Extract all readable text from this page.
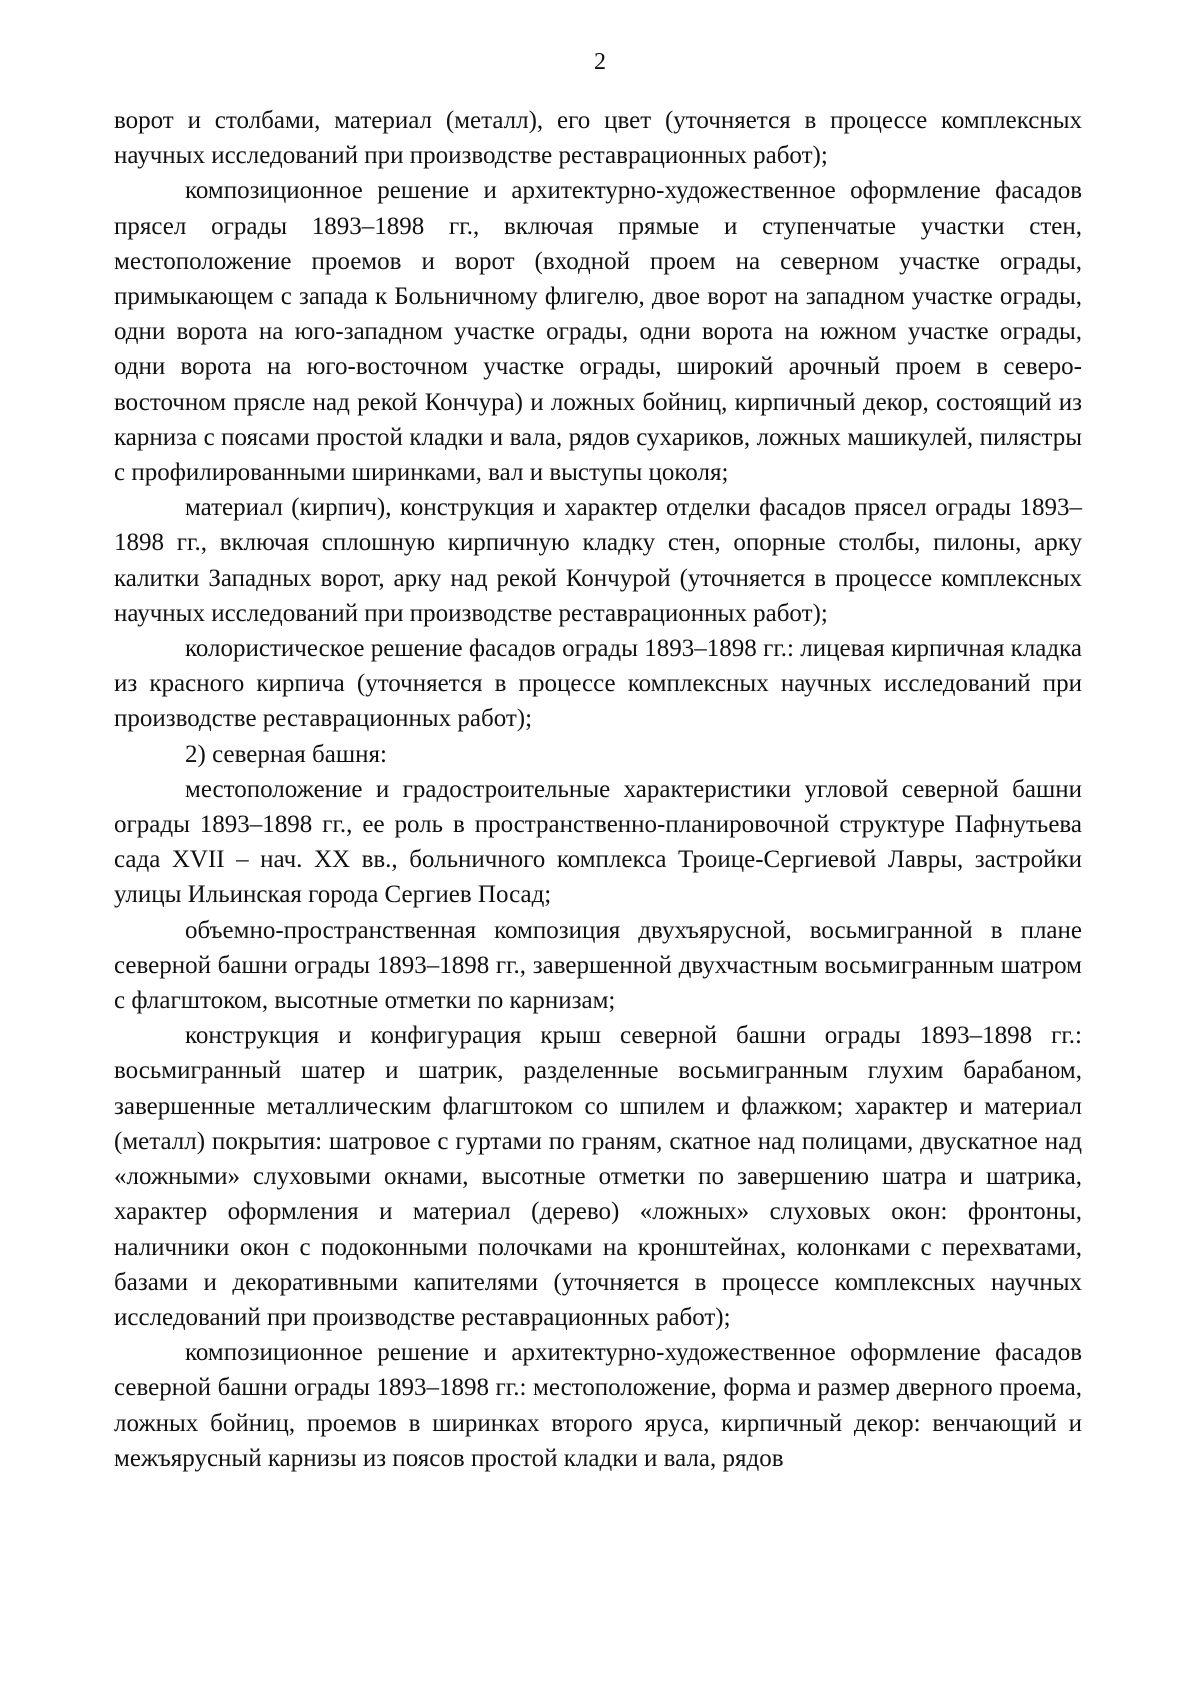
2

ворот и столбами, материал (металл), его цвет (уточняется в процессе комплексных научных исследований при производстве реставрационных работ);

композиционное решение и архитектурно-художественное оформление фасадов прясел ограды 1893–1898 гг., включая прямые и ступенчатые участки стен, местоположение проемов и ворот (входной проем на северном участке ограды, примыкающем с запада к Больничному флигелю, двое ворот на западном участке ограды, одни ворота на юго-западном участке ограды, одни ворота на южном участке ограды, одни ворота на юго-восточном участке ограды, широкий арочный проем в северо-восточном прясле над рекой Кончура) и ложных бойниц, кирпичный декор, состоящий из карниза с поясами простой кладки и вала, рядов сухариков, ложных машикулей, пилястры с профилированными ширинками, вал и выступы цоколя;

материал (кирпич), конструкция и характер отделки фасадов прясел ограды 1893–1898 гг., включая сплошную кирпичную кладку стен, опорные столбы, пилоны, арку калитки Западных ворот, арку над рекой Кончурой (уточняется в процессе комплексных научных исследований при производстве реставрационных работ);

колористическое решение фасадов ограды 1893–1898 гг.: лицевая кирпичная кладка из красного кирпича (уточняется в процессе комплексных научных исследований при производстве реставрационных работ);

2) северная башня:

местоположение и градостроительные характеристики угловой северной башни ограды 1893–1898 гг., ее роль в пространственно-планировочной структуре Пафнутьева сада XVII – нач. XX вв., больничного комплекса Троице-Сергиевой Лавры, застройки улицы Ильинская города Сергиев Посад;

объемно-пространственная композиция двухъярусной, восьмигранной в плане северной башни ограды 1893–1898 гг., завершенной двухчастным восьмигранным шатром с флагштоком, высотные отметки по карнизам;

конструкция и конфигурация крыш северной башни ограды 1893–1898 гг.: восьмигранный шатер и шатрик, разделенные восьмигранным глухим барабаном, завершенные металлическим флагштоком со шпилем и флажком; характер и материал (металл) покрытия: шатровое с гуртами по граням, скатное над полицами, двускатное над «ложными» слуховыми окнами, высотные отметки по завершению шатра и шатрика, характер оформления и материал (дерево) «ложных» слуховых окон: фронтоны, наличники окон с подоконными полочками на кронштейнах, колонками с перехватами, базами и декоративными капителями (уточняется в процессе комплексных научных исследований при производстве реставрационных работ);

композиционное решение и архитектурно-художественное оформление фасадов северной башни ограды 1893–1898 гг.: местоположение, форма и размер дверного проема, ложных бойниц, проемов в ширинках второго яруса, кирпичный декор: венчающий и межъярусный карнизы из поясов простой кладки и вала, рядов
